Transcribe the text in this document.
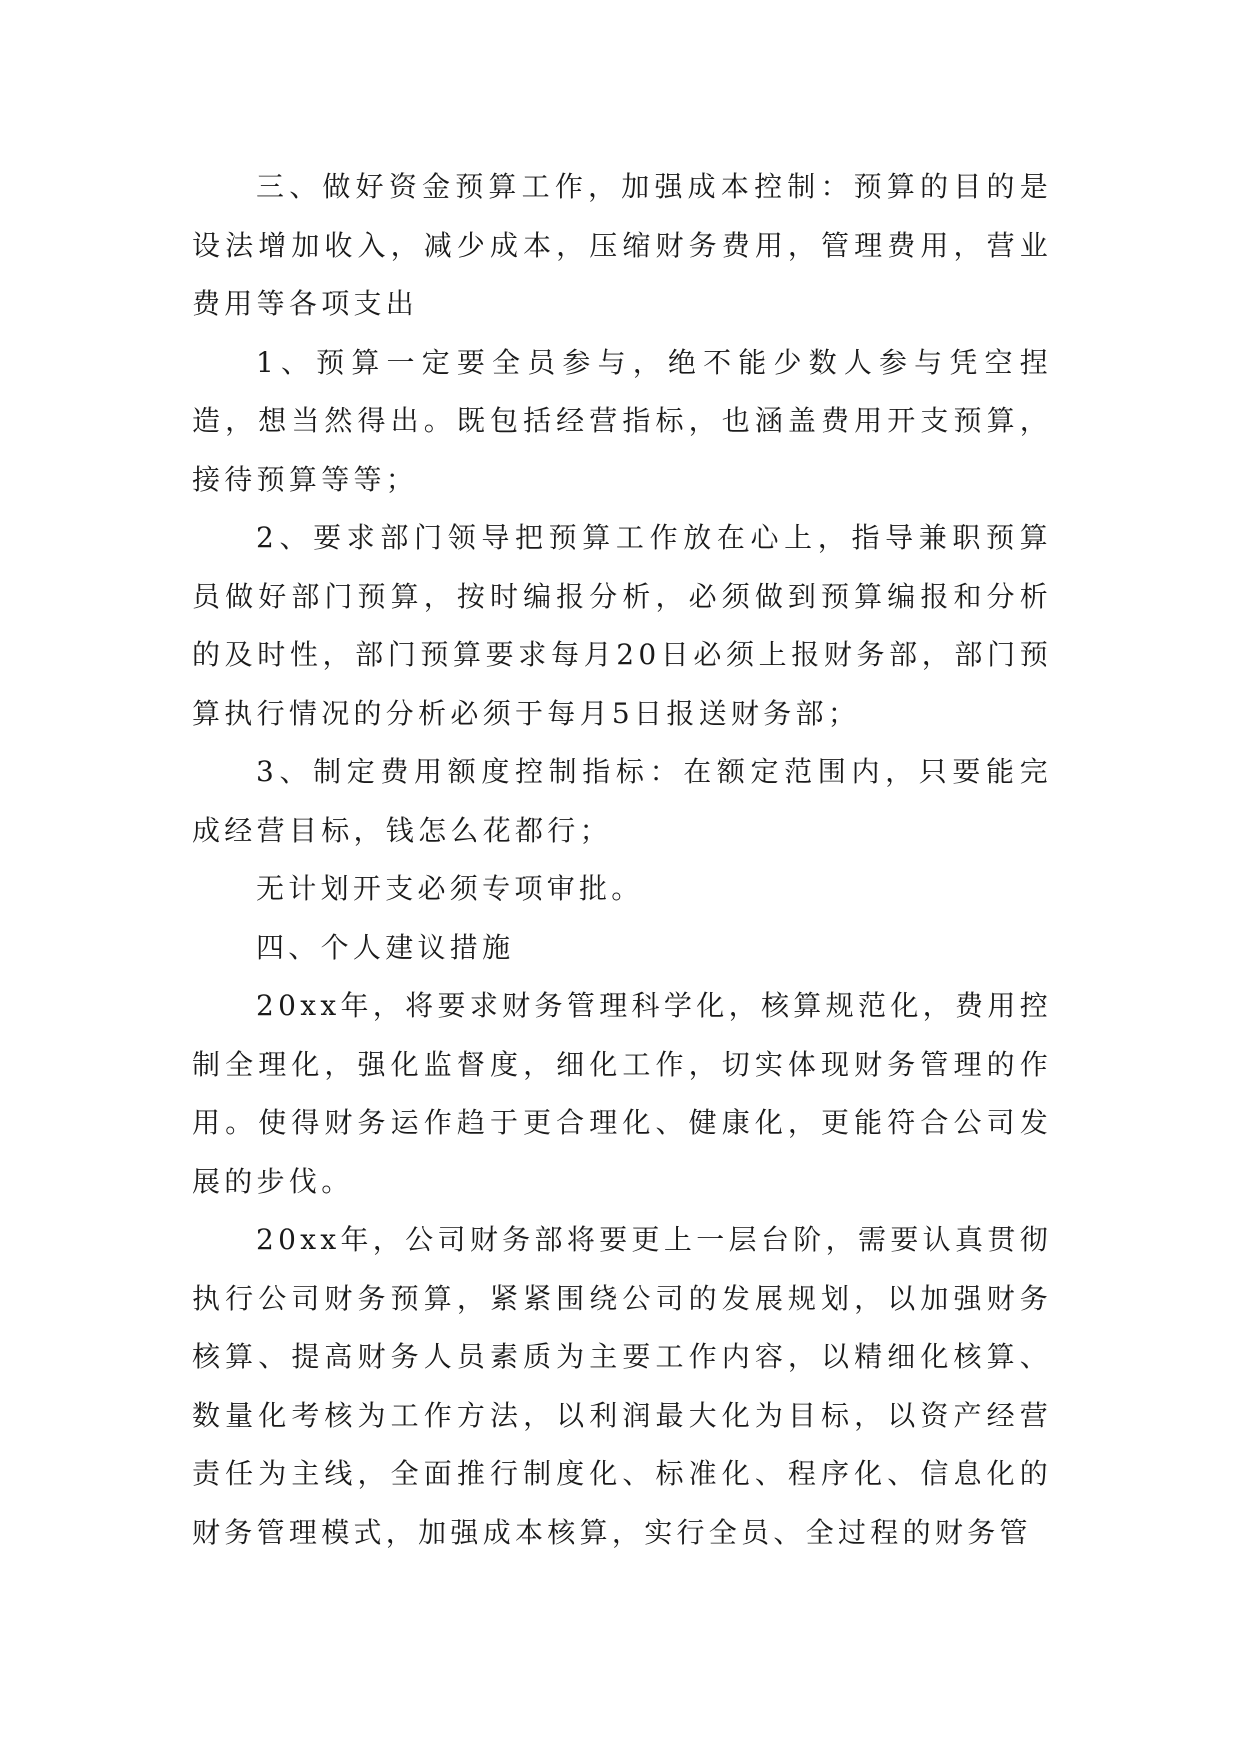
三、做好资金预算工作，加强成本控制：预算的目的是设法增加收入，减少成本，压缩财务费用，管理费用，营业费用等各项支出

1、预算一定要全员参与，绝不能少数人参与凭空捏造，想当然得出。既包括经营指标，也涵盖费用开支预算，接待预算等等；

2、要求部门领导把预算工作放在心上，指导兼职预算员做好部门预算，按时编报分析，必须做到预算编报和分析的及时性，部门预算要求每月20日必须上报财务部，部门预算执行情况的分析必须于每月5日报送财务部；

3、制定费用额度控制指标：在额定范围内，只要能完成经营目标，钱怎么花都行；

无计划开支必须专项审批。

四、个人建议措施

20xx年，将要求财务管理科学化，核算规范化，费用控制全理化，强化监督度，细化工作，切实体现财务管理的作用。使得财务运作趋于更合理化、健康化，更能符合公司发展的步伐。

20xx年，公司财务部将要更上一层台阶，需要认真贯彻执行公司财务预算，紧紧围绕公司的发展规划，以加强财务核算、提高财务人员素质为主要工作内容，以精细化核算、数量化考核为工作方法，以利润最大化为目标，以资产经营责任为主线，全面推行制度化、标准化、程序化、信息化的财务管理模式，加强成本核算，实行全员、全过程的财务管
